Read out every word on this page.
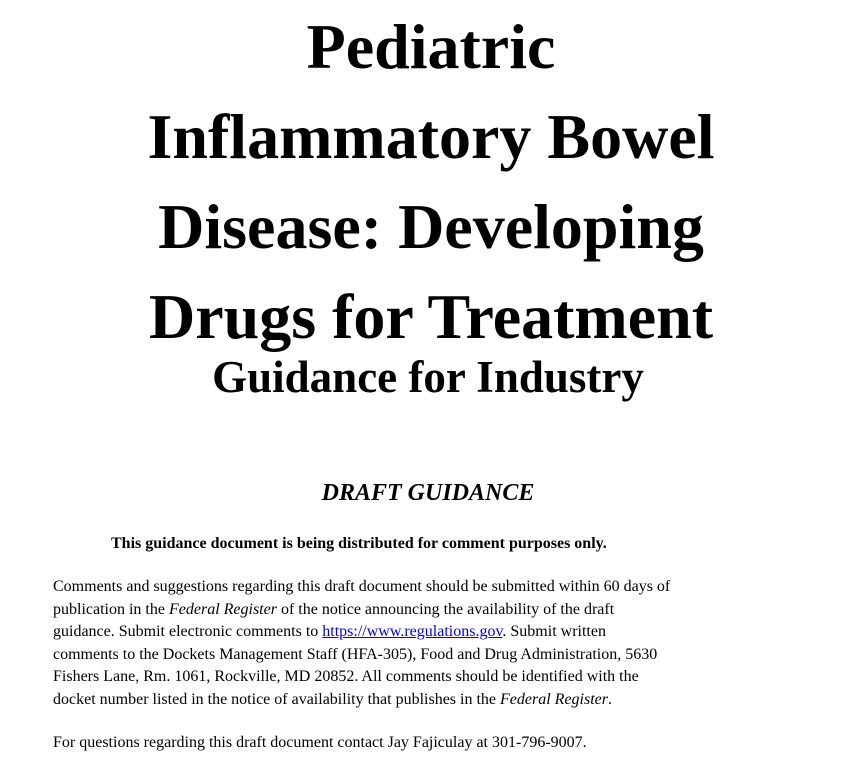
Pediatric
Inflammatory Bowel
Disease: Developing
Drugs for Treatment
Guidance for Industry
DRAFT GUIDANCE

This guidance document is being distributed for comment purposes only.

Comments and suggestions regarding this draft document should be submitted within 60 days of
publication in the Federal Register of the notice announcing the availability of the draft
guidance. Submit electronic comments to https://www.regulations.gov. Submit written
comments to the Dockets Management Staff (HFA-305), Food and Drug Administration, 5630
Fishers Lane, Rm. 1061, Rockville, MD 20852. All comments should be identified with the
docket number listed in the notice of availability that publishes in the Federal Register.

For questions regarding this draft document contact Jay Fajiculay at 301-796-9007.
